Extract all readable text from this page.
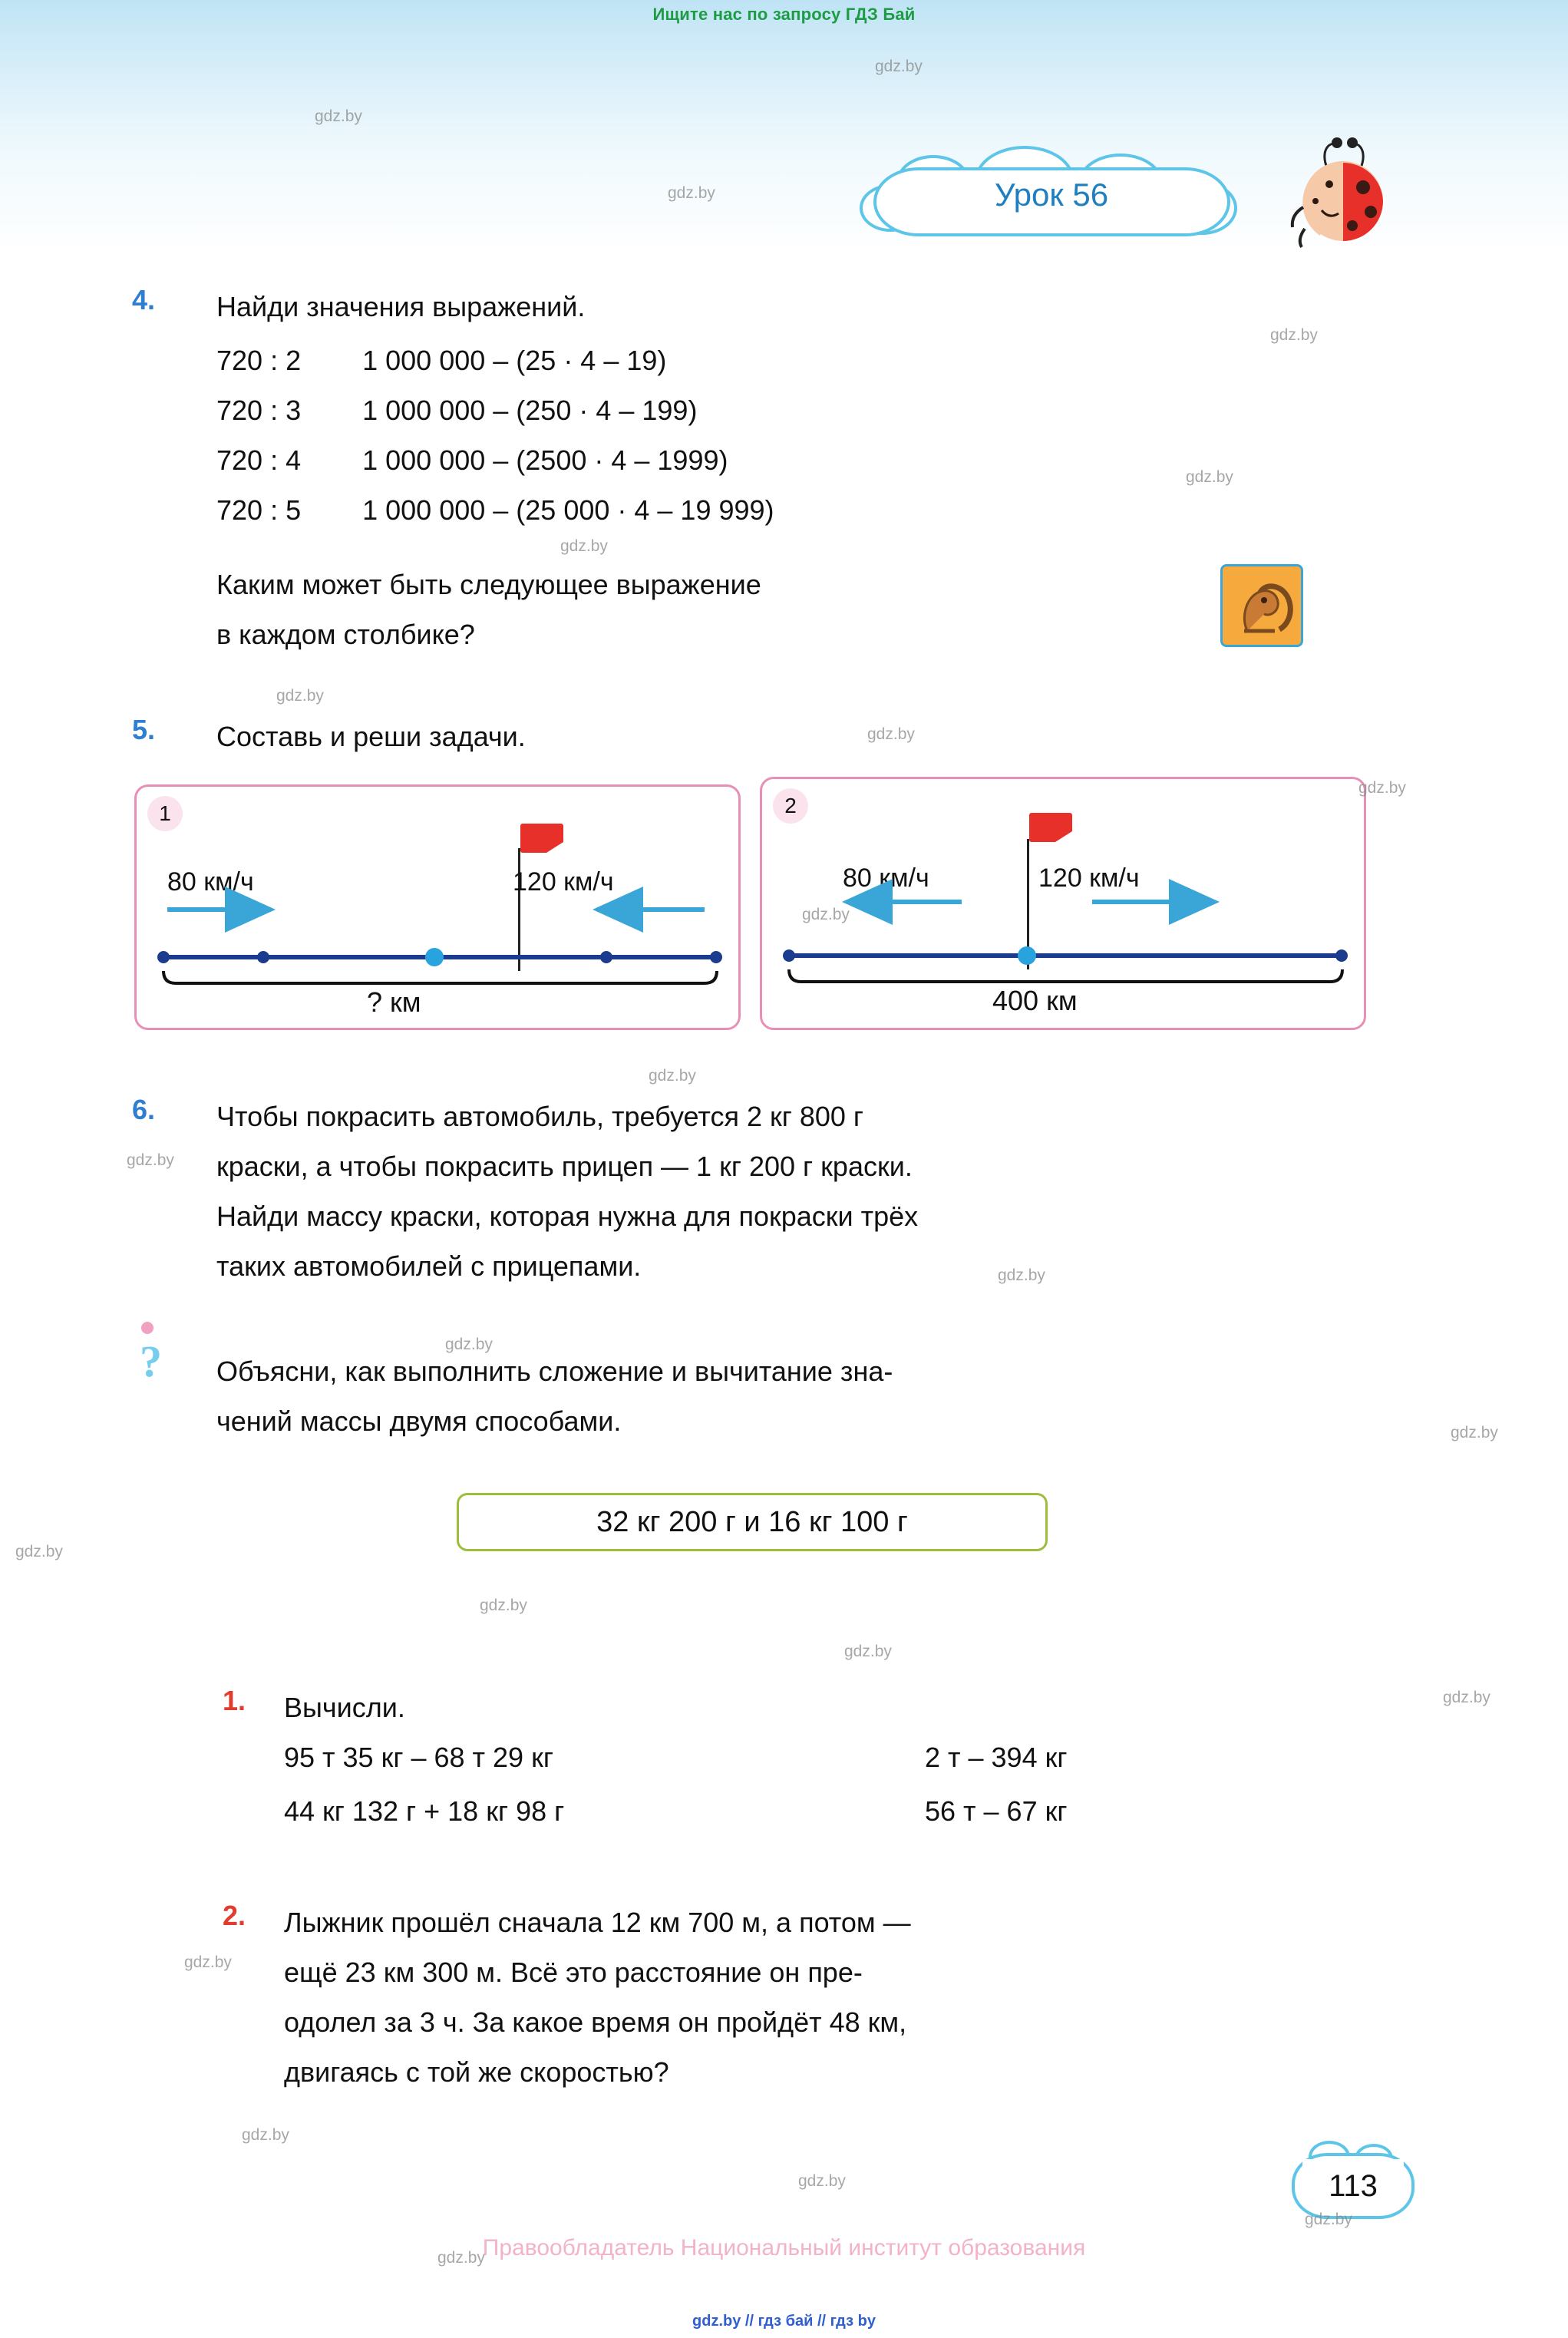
Ищите нас по запросу ГДЗ Бай
Урок 56
4. Найди значения выражений.
720 : 2        1 000 000 – (25 · 4 – 19)
720 : 3        1 000 000 – (250 · 4 – 199)
720 : 4        1 000 000 – (2500 · 4 – 1999)
720 : 5        1 000 000 – (25 000 · 4 – 19 999)
Каким может быть следующее выражение
в каждом столбике?
5. Составь и реши задачи.
1
80 км/ч	120 км/ч
? км
2
80 км/ч	120 км/ч
400 км
6. Чтобы покрасить автомобиль, требуется 2 кг 800 г
краски, а чтобы покрасить прицеп — 1 кг 200 г краски.
Найди массу краски, которая нужна для покраски трёх
таких автомобилей с прицепами.
? Объясни, как выполнить сложение и вычитание зна-
чений массы двумя способами.
32 кг 200 г и 16 кг 100 г
1. Вычисли.
95 т 35 кг – 68 т 29 кг	2 т – 394 кг
44 кг 132 г + 18 кг 98 г	56 т – 67 кг
2. Лыжник прошёл сначала 12 км 700 м, а потом —
ещё 23 км 300 м. Всё это расстояние он пре-
одолел за 3 ч. За какое время он пройдёт 48 км,
двигаясь с той же скоростью?
113
Правообладатель Национальный институт образования
gdz.by // гдз бай // гдз by
gdz.by
gdz.by
gdz.by
gdz.by
gdz.by
gdz.by
gdz.by
gdz.by
gdz.by
gdz.by
gdz.by
gdz.by
gdz.by
gdz.by
gdz.by
gdz.by
gdz.by
gdz.by
gdz.by
gdz.by
gdz.by
gdz.by
gdz.by
gdz.by
